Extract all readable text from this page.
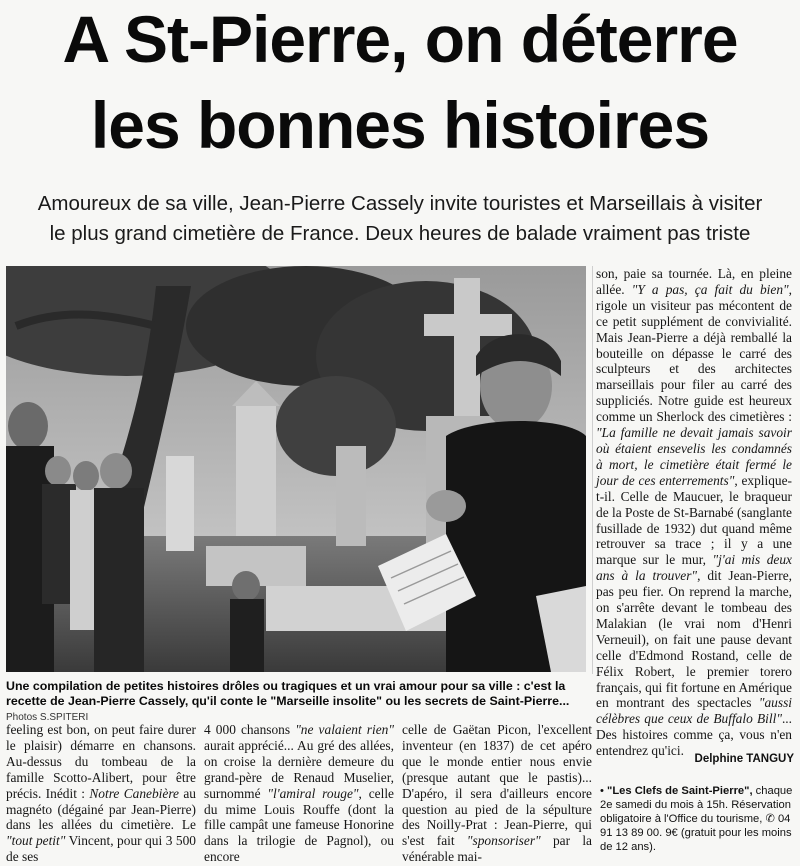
A St-Pierre, on déterre
les bonnes histoires
Amoureux de sa ville, Jean-Pierre Cassely invite touristes et Marseillais à visiter
le plus grand cimetière de France. Deux heures de balade vraiment pas triste

son, paie sa tournée. Là, en pleine allée. "Y a pas, ça fait du bien", rigole un visiteur pas mécontent de ce petit supplément de convivialité. Mais Jean-Pierre a déjà remballé la bouteille on dépasse le carré des sculpteurs et des architectes marseillais pour filer au carré des suppliciés. Notre guide est heureux comme un Sherlock des cimetières : "La famille ne devait jamais savoir où étaient ensevelis les condamnés à mort, le cimetière était fermé le jour de ces enterrements", explique-t-il. Celle de Maucuer, le braqueur de la Poste de St-Barnabé (sanglante fusillade de 1932) dut quand même retrouver sa trace ; il y a une marque sur le mur, "j'ai mis deux ans à la trouver", dit Jean-Pierre, pas peu fier. On reprend la marche, on s'arrête devant le tombeau des Malakian (le vrai nom d'Henri Verneuil), on fait une pause devant celle d'Edmond Rostand, celle de Félix Robert, le premier torero français, qui fit fortune en Amérique en montrant des spectacles "aussi célèbres que ceux de Buffalo Bill"... Des histoires comme ça, vous n'en entendrez qu'ici.

Une compilation de petites histoires drôles ou tragiques et un vrai amour pour sa ville : c'est la recette de Jean-Pierre Cassely, qu'il conte le "Marseille insolite" ou les secrets de Saint-Pierre... Photos S.SPITERI

feeling est bon, on peut faire durer le plaisir) démarre en chansons. Au-dessus du tombeau de la famille Scotto-Alibert, pour être précis. Inédit : Notre Canebière au magnéto (dégainé par Jean-Pierre) dans les allées du cimetière. Le "tout petit" Vincent, pour qui 3 500 de ses

4 000 chansons "ne valaient rien" aurait apprécié... Au gré des allées, on croise la dernière demeure du grand-père de Renaud Muselier, surnommé "l'amiral rouge", celle du mime Louis Rouffe (dont la fille campât une fameuse Honorine dans la trilogie de Pagnol), ou encore

celle de Gaëtan Picon, l'excellent inventeur (en 1837) de cet apéro que le monde entier nous envie (presque autant que le pastis)... D'apéro, il sera d'ailleurs encore question au pied de la sépulture des Noilly-Prat : Jean-Pierre, qui s'est fait "sponsoriser" par la vénérable mai-

Delphine TANGUY
• "Les Clefs de Saint-Pierre", chaque 2e samedi du mois à 15h. Réservation obligatoire à l'Office du tourisme, ✆ 04 91 13 89 00. 9€ (gratuit pour les moins de 12 ans).
